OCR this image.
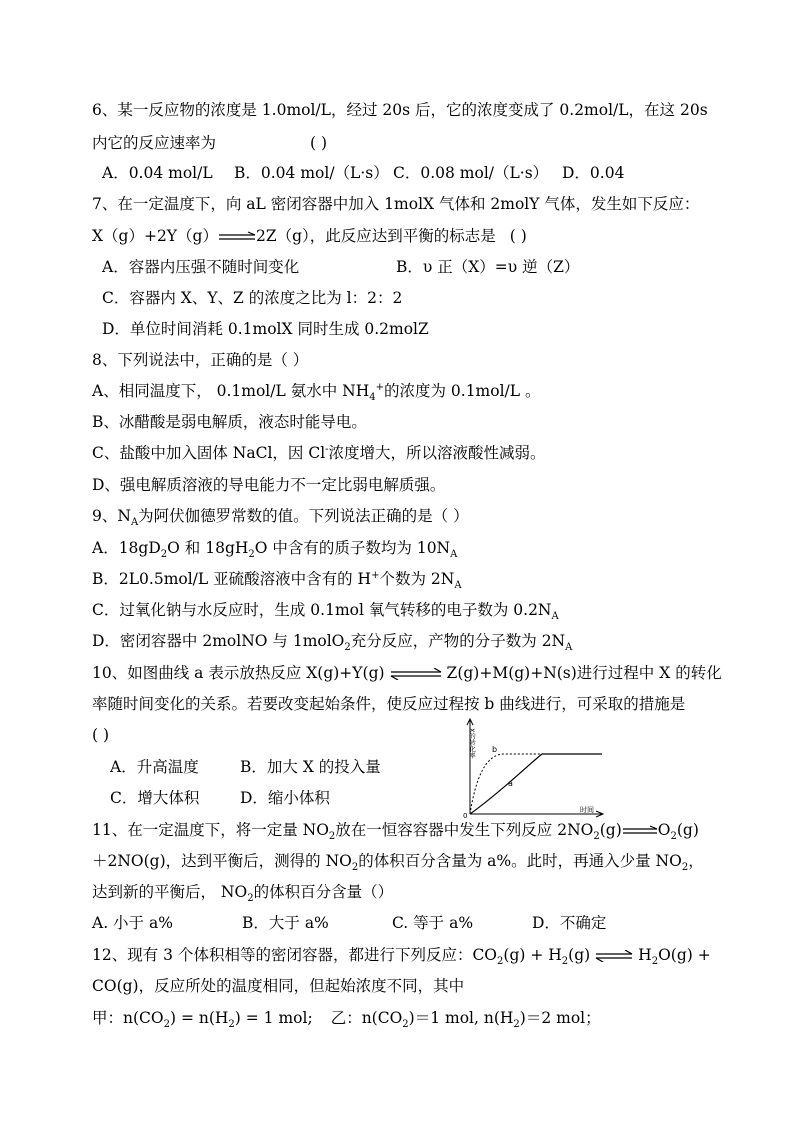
6、某一反应物的浓度是 1.0mol/L，经过 20s 后，它的浓度变成了 0.2mol/L，在这 20s
内它的反应速率为	( )
A．0.04 mol/L B．0.04 mol/（L·s） C．0.08 mol/（L·s） D．0.04
7、在一定温度下，向 aL 密闭容器中加入 1molX 气体和 2molY 气体，发生如下反应：
X（g）+2Y（g） 2Z（g），此反应达到平衡的标志是 ( )
A．容器内压强不随时间变化	B．υ 正（X）=υ 逆（Z）
C．容器内 X、Y、Z 的浓度之比为 l：2：2
D．单位时间消耗 0.1molX 同时生成 0.2molZ
8、下列说法中，正确的是（ ）
A、相同温度下， 0.1mol/L 氨水中 $NH_4^+$的浓度为 0.1mol/L 。
B、冰醋酸是弱电解质，液态时能导电。
C、盐酸中加入固体 NaCl，因 Cl-浓度增大，所以溶液酸性减弱。
D、强电解质溶液的导电能力不一定比弱电解质强。
9、$N_A$为阿伏伽德罗常数的值。下列说法正确的是（ ）
A．$18gD_2O$ 和 $18gH_2O$ 中含有的质子数均为 $10N_A$
B．2L0.5mol/L 亚硫酸溶液中含有的 H+个数为 $2N_A$
C．过氧化钠与水反应时，生成 0.1mol 氧气转移的电子数为 $0.2N_A$
D．密闭容器中 2molNO 与 1molO$_2$充分反应，产物的分子数为 $2N_A$
10、如图曲线 a 表示放热反应 X(g)+Y(g) ⇌ Z(g)+M(g)+N(s)进行过程中 X 的转化
率随时间变化的关系。若要改变起始条件，使反应过程按 b 曲线进行，可采取的措施是
( )
A．升高温度	B．加大 X 的投入量
C．增大体积	D．缩小体积
X的转化率
时间
0
b
a
11、在一定温度下，将一定量 $NO_2$放在一恒容容器中发生下列反应 $2NO_2(g)$ $O_2(g)$
＋2NO(g)，达到平衡后，测得的 $NO_2$的体积百分含量为 a%。此时，再通入少量 $NO_2$，
达到新的平衡后， $NO_2$的体积百分含量（）
A. 小于 a%	B．大于 a%	C. 等于 a%	D．不确定
12、现有 3 个体积相等的密闭容器，都进行下列反应：$CO_2(g) + H_2(g)$ ⇌ $H_2O(g)$ +
CO(g)，反应所处的温度相同，但起始浓度不同，其中
甲：$n(CO_2) = n(H_2) = 1$ mol; 乙：$n(CO_2)=1$ mol, $n(H_2)=2$ mol；
